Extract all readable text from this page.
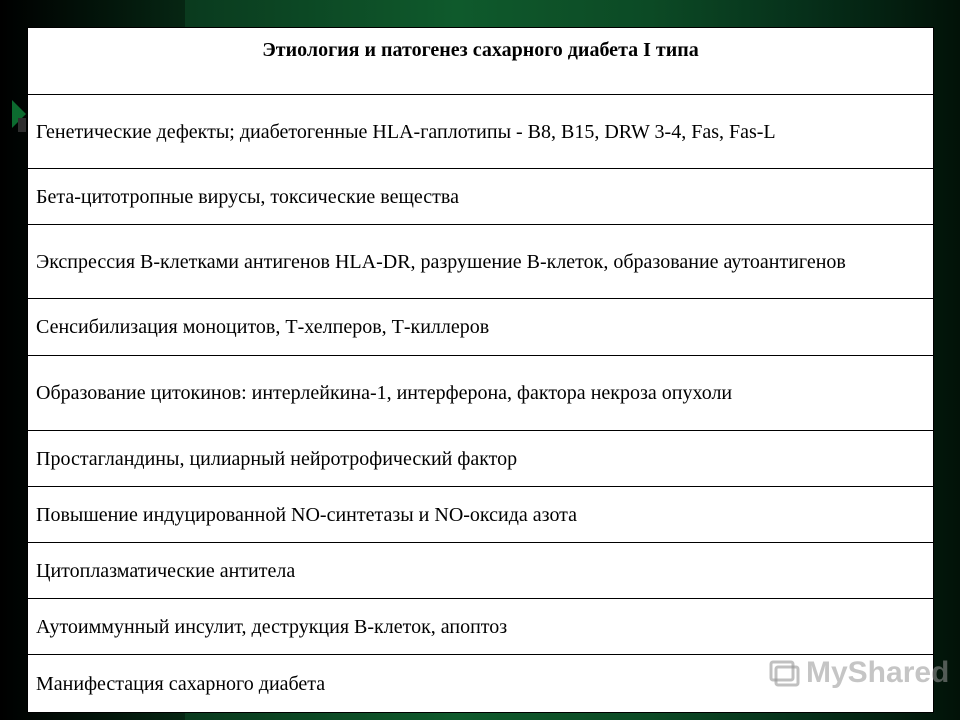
Этиология и патогенез сахарного диабета I типа

Генетические дефекты; диабетогенные HLA-гаплотипы - В8, В15, DRW 3-4, Fas, Fas-L

Бета-цитотропные вирусы, токсические вещества

Экспрессия В-клетками антигенов HLA-DR, разрушение В-клеток, образование аутоантигенов

Сенсибилизация моноцитов, Т-хелперов, Т-киллеров

Образование цитокинов: интерлейкина-1, интерферона, фактора некроза опухоли

Простагландины, цилиарный нейротрофический фактор

Повышение индуцированной NO-синтетазы и NO-оксида азота

Цитоплазматические антитела

Аутоиммунный инсулит, деструкция В-клеток, апоптоз

Манифестация сахарного диабета	MyShared
